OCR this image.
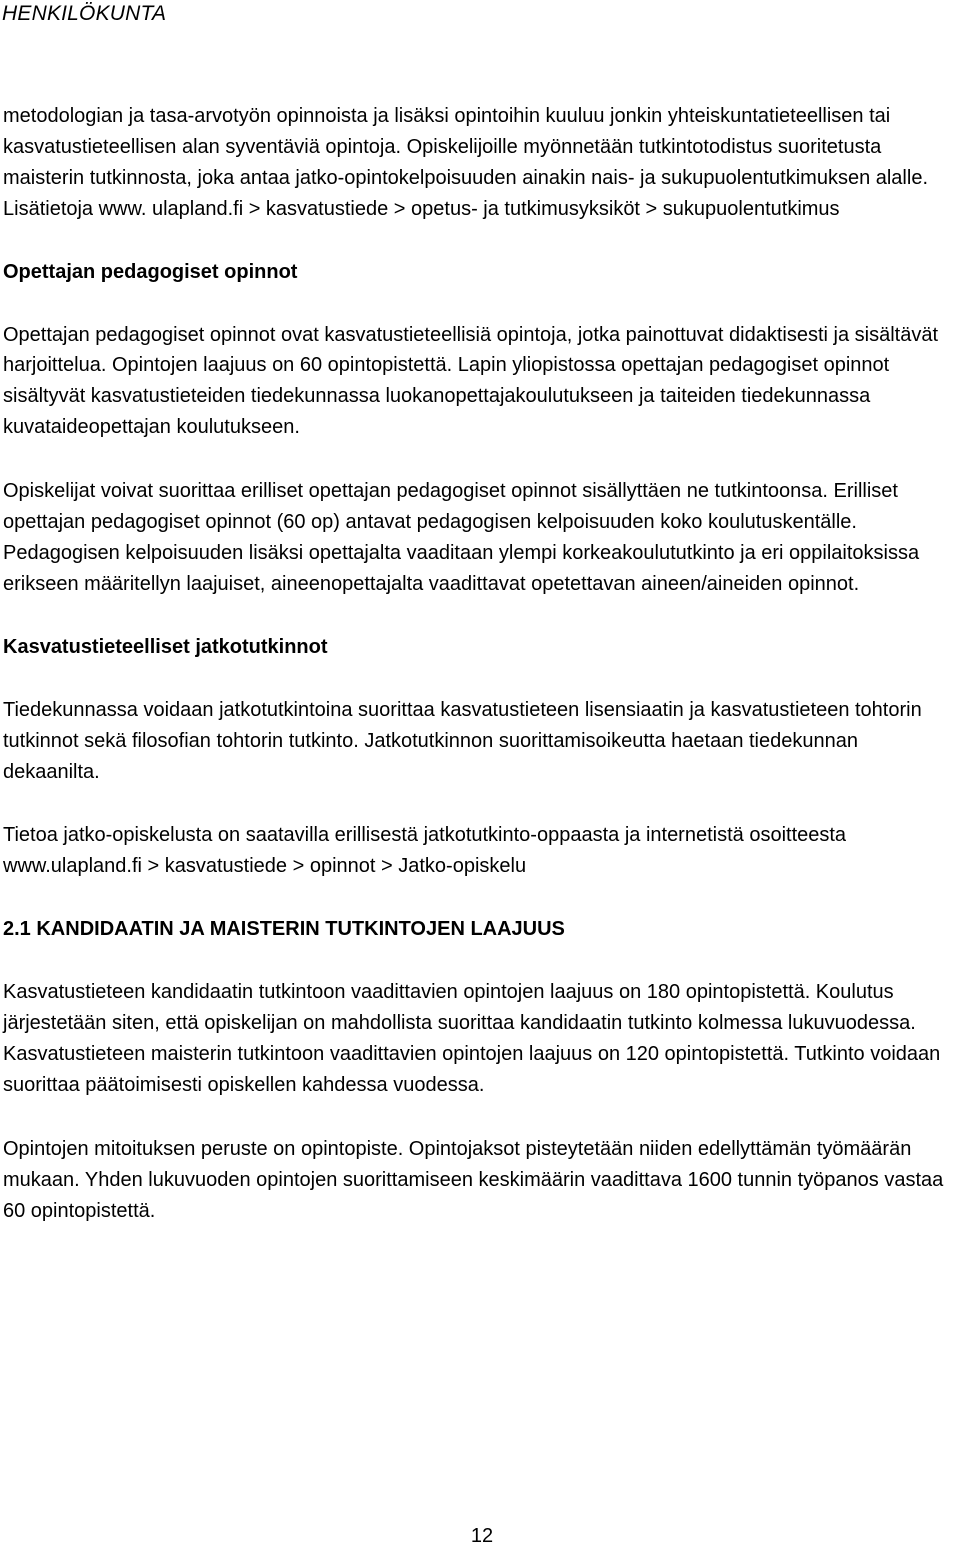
HENKILÖKUNTA

metodologian ja tasa-arvotyön opinnoista ja lisäksi opintoihin kuuluu jonkin yhteiskuntatieteellisen tai kasvatustieteellisen alan syventäviä opintoja. Opiskelijoille myönnetään tutkintotodistus suoritetusta maisterin tutkinnosta, joka antaa jatko-opintokelpoisuuden ainakin nais- ja sukupuolentutkimuksen alalle. Lisätietoja www. ulapland.fi > kasvatustiede > opetus- ja tutkimusyksiköt > sukupuolentutkimus

Opettajan pedagogiset opinnot

Opettajan pedagogiset opinnot ovat kasvatustieteellisiä opintoja, jotka painottuvat didaktisesti ja sisältävät harjoittelua. Opintojen laajuus on 60 opintopistettä. Lapin yliopistossa opettajan pedagogiset opinnot sisältyvät kasvatustieteiden tiedekunnassa luokanopettajakoulutukseen ja taiteiden tiedekunnassa kuvataideopettajan koulutukseen.

Opiskelijat voivat suorittaa erilliset opettajan pedagogiset opinnot sisällyttäen ne tutkintoonsa. Erilliset opettajan pedagogiset opinnot (60 op) antavat pedagogisen kelpoisuuden koko koulutuskentälle. Pedagogisen kelpoisuuden lisäksi opettajalta vaaditaan ylempi korkeakoulututkinto ja eri oppilaitoksissa erikseen määritellyn laajuiset, aineenopettajalta vaadittavat opetettavan aineen/aineiden opinnot.

Kasvatustieteelliset jatkotutkinnot

Tiedekunnassa voidaan jatkotutkintoina suorittaa kasvatustieteen lisensiaatin ja kasvatustieteen tohtorin tutkinnot sekä filosofian tohtorin tutkinto. Jatkotutkinnon suorittamisoikeutta haetaan tiedekunnan dekaanilta.

Tietoa jatko-opiskelusta on saatavilla erillisestä jatkotutkinto-oppaasta ja internetistä osoitteesta www.ulapland.fi > kasvatustiede > opinnot > Jatko-opiskelu

2.1 KANDIDAATIN JA MAISTERIN TUTKINTOJEN LAAJUUS

Kasvatustieteen kandidaatin tutkintoon vaadittavien opintojen laajuus on 180 opintopistettä. Koulutus järjestetään siten, että opiskelijan on mahdollista suorittaa kandidaatin tutkinto kolmessa lukuvuodessa. Kasvatustieteen maisterin tutkintoon vaadittavien opintojen laajuus on 120 opintopistettä. Tutkinto voidaan suorittaa päätoimisesti opiskellen kahdessa vuodessa.

Opintojen mitoituksen peruste on opintopiste. Opintojaksot pisteytetään niiden edellyttämän työmäärän mukaan. Yhden lukuvuoden opintojen suorittamiseen keskimäärin vaadittava 1600 tunnin työpanos vastaa 60 opintopistettä.

12
